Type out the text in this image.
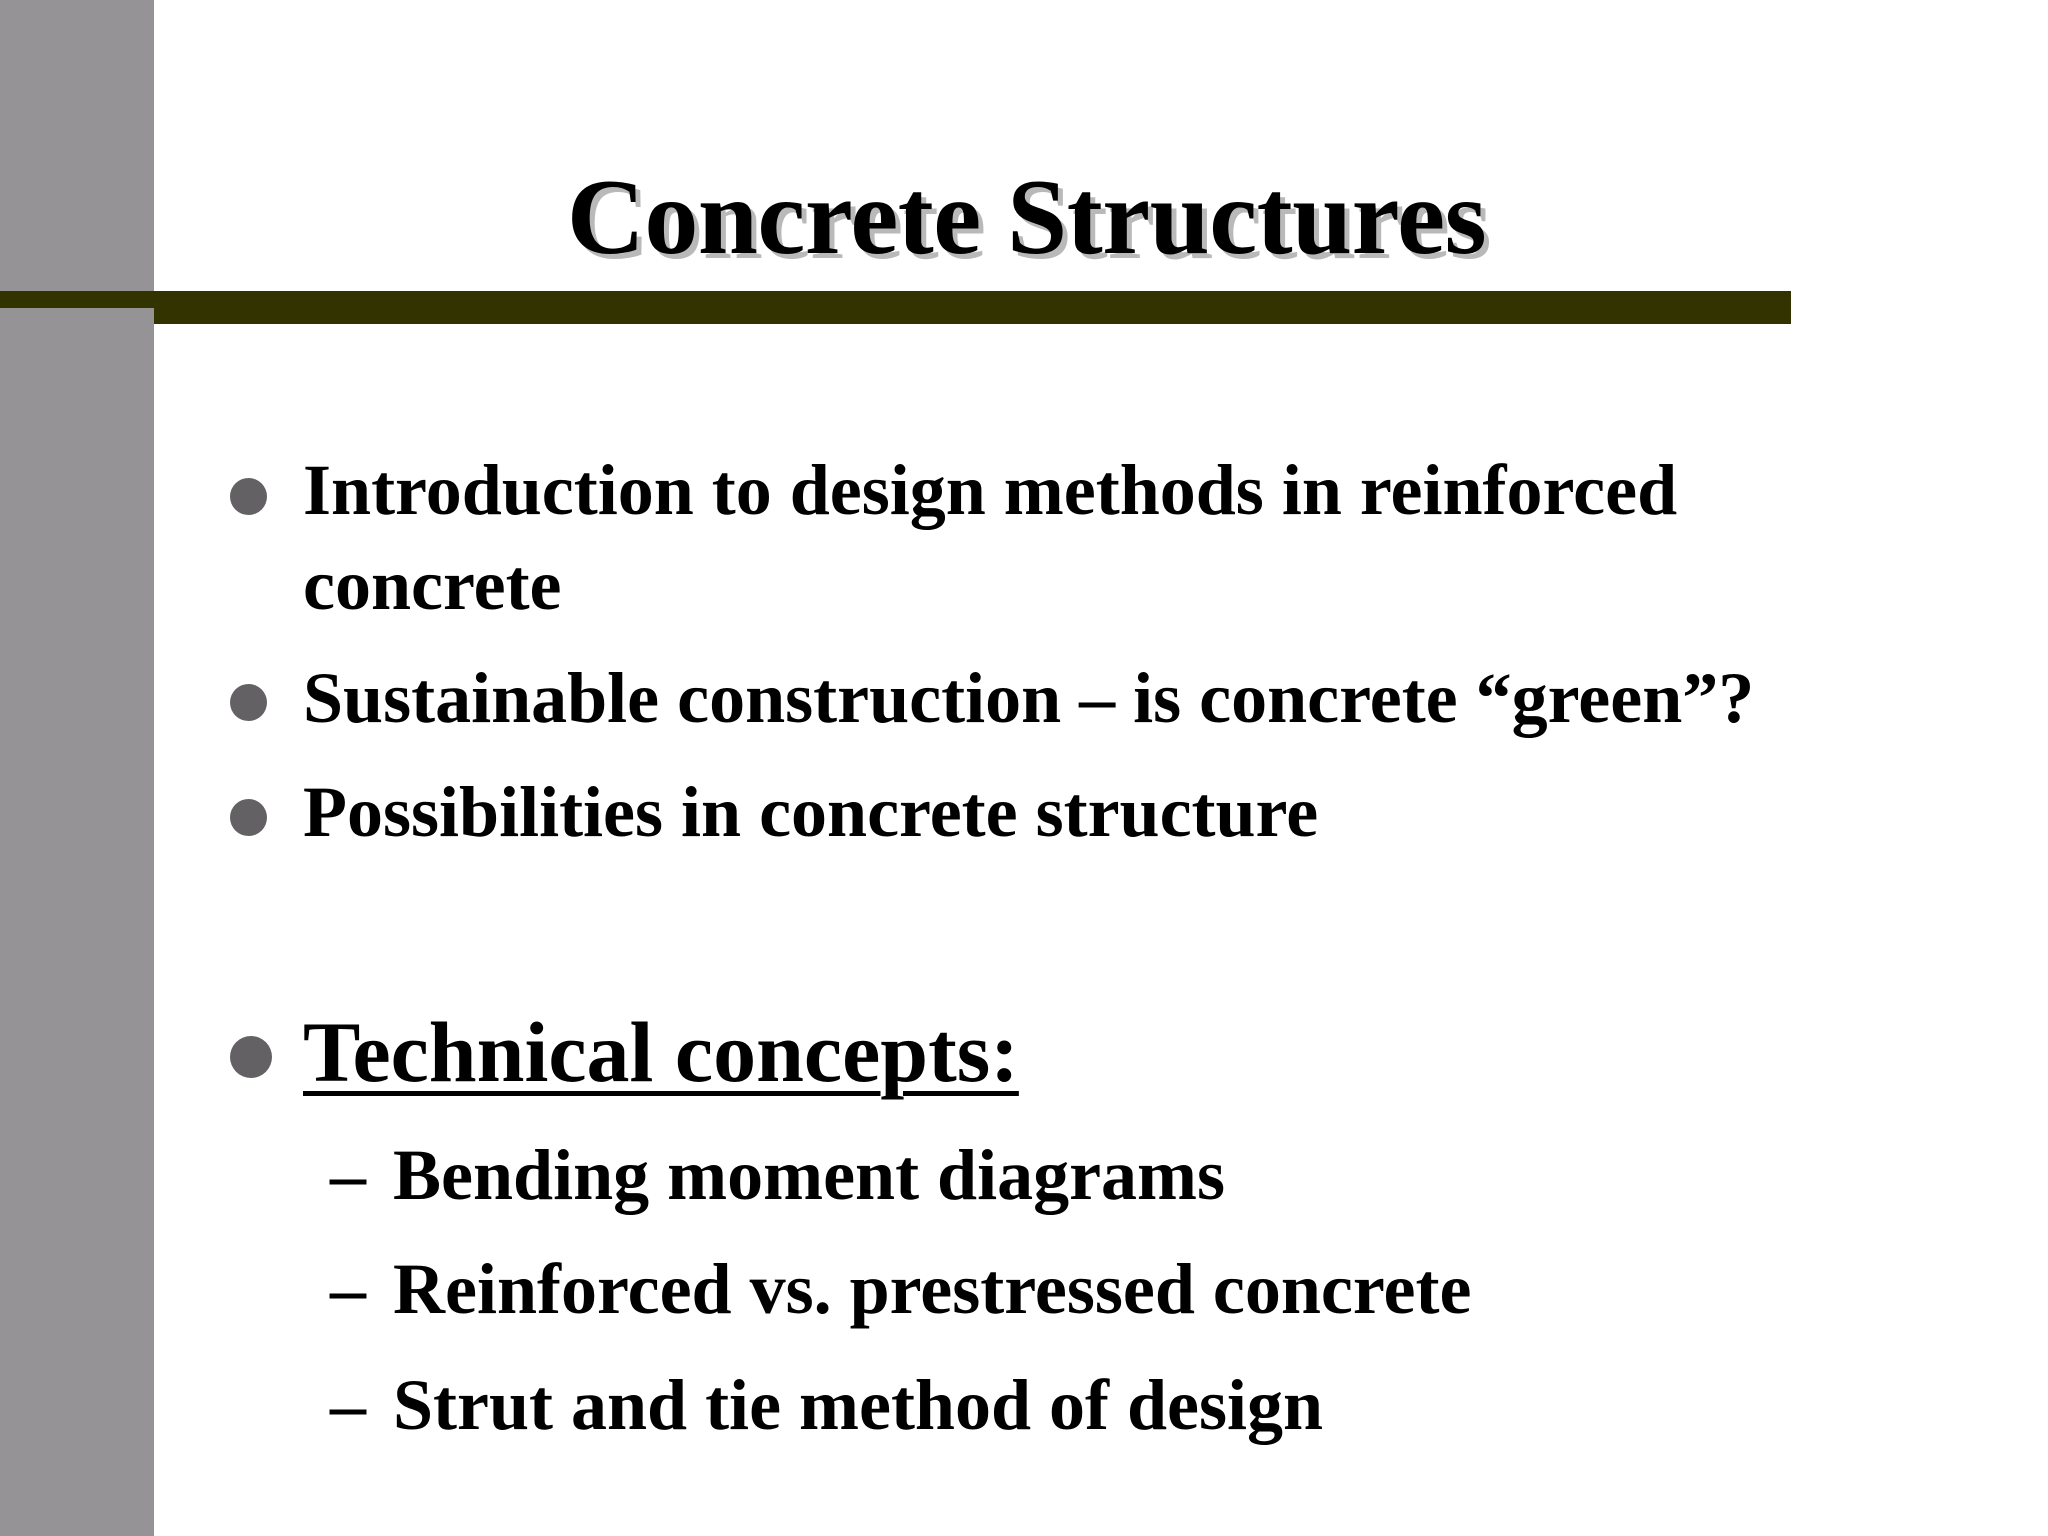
Concrete Structures
Introduction to design methods in reinforced
concrete
Sustainable construction – is concrete “green”?
Possibilities in concrete structure
Technical concepts:
– Bending moment diagrams
– Reinforced vs. prestressed concrete
– Strut and tie method of design
